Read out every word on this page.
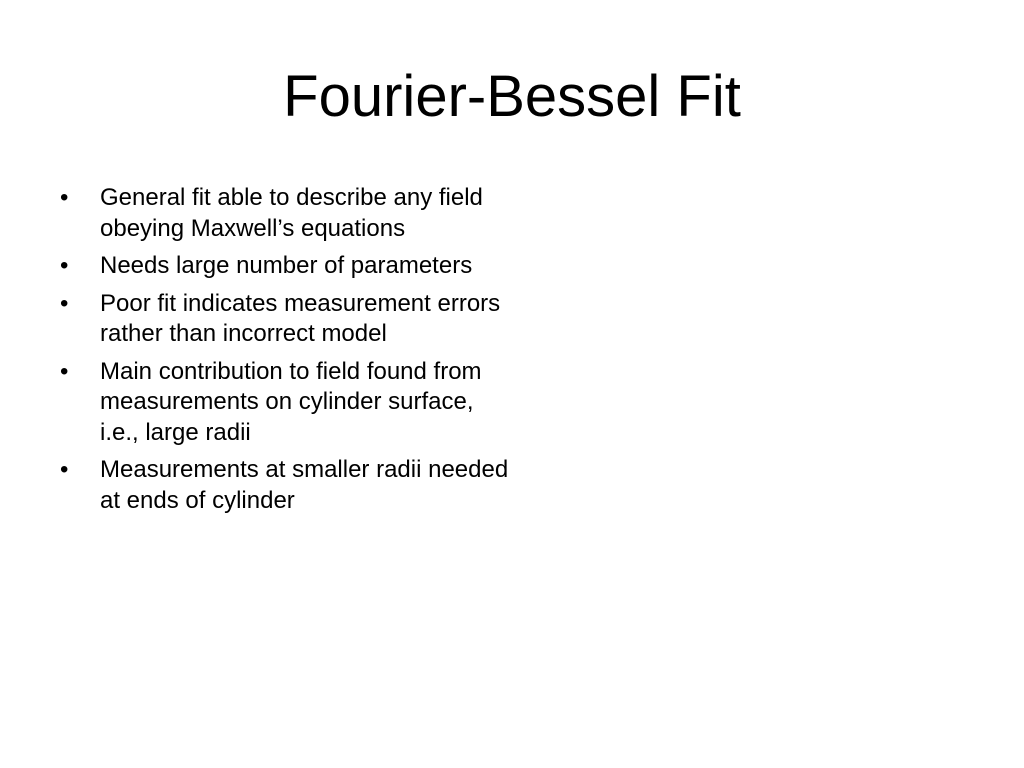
Fourier-Bessel Fit
• General fit able to describe any field obeying Maxwell’s equations
• Needs large number of parameters
• Poor fit indicates measurement errors rather than incorrect model
• Main contribution to field found from measurements on cylinder surface, i.e., large radii
• Measurements at smaller radii needed at ends of cylinder
